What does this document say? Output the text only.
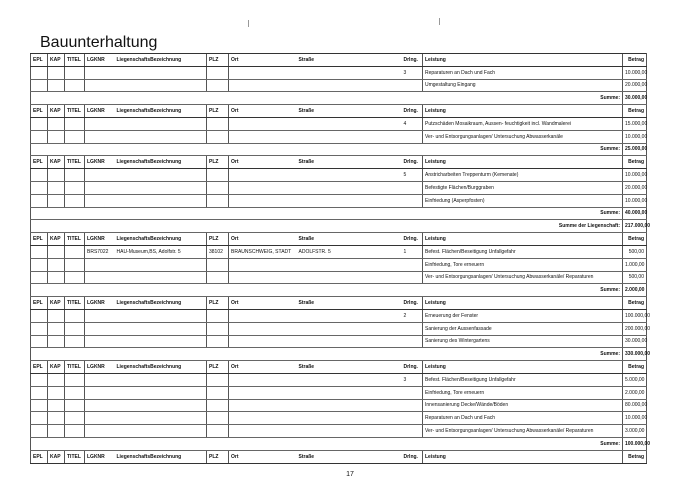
Bauunterhaltung
EPL	KAP	TITEL	LGKNR	LiegenschaftsBezeichnung	PLZ	Ort	Straße	Drlng.	Leistung	Betrag
								3	Reparaturen an Dach und Fach	10.000,00
									Umgestaltung Eingang	20.000,00
Summe:										30.000,00
EPL	KAP	TITEL	LGKNR	LiegenschaftsBezeichnung	PLZ	Ort	Straße	Drlng.	Leistung	Betrag
								4	Putzschäden Mosaikraum, Aussen- feuchtigkeit incl. Wandmalerei	15.000,00
									Ver- und Entsorgungsanlagen/ Untersuchung Abwasserkanäle	10.000,00
Summe:										25.000,00
EPL	KAP	TITEL	LGKNR	LiegenschaftsBezeichnung	PLZ	Ort	Straße	Drlng.	Leistung	Betrag
								5	Anstricharbeiten Treppenturm (Kemenate)	10.000,00
									Befestigte Flächen/Burggraben	20.000,00
									Einfriedung (Asperpfosten)	10.000,00
Summe:										40.000,00
Summe der Liegenschaft:										217.000,00
EPL	KAP	TITEL	LGKNR	LiegenschaftsBezeichnung	PLZ	Ort	Straße	Drlng.	Leistung	Betrag
			BRS7022	HAU-Museum,BS, Adolfstr. 5	38102	BRAUNSCHWEIG, STADT	ADOLFSTR. 5	1	Befest. Flächen/Beseitigung Unfallgefahr	500,00
									Einfriedung, Tore erneuern	1.000,00
									Ver- und Entsorgungsanlagen/ Untersuchung Abwasserkanäle/ Reparaturen	500,00
Summe:										2.000,00
EPL	KAP	TITEL	LGKNR	LiegenschaftsBezeichnung	PLZ	Ort	Straße	Drlng.	Leistung	Betrag
								2	Erneuerung der Fenster	100.000,00
									Sanierung der Aussenfassade	200.000,00
									Sanierung des Wintergartens	30.000,00
Summe:										330.000,00
EPL	KAP	TITEL	LGKNR	LiegenschaftsBezeichnung	PLZ	Ort	Straße	Drlng.	Leistung	Betrag
								3	Befest. Flächen/Beseitigung Unfallgefahr	5.000,00
									Einfriedung, Tore erneuern	2.000,00
									Innensanierung Decke/Wände/Böden	80.000,00
									Reparaturen an Dach und Fach	10.000,00
									Ver- und Entsorgungsanlagen/ Untersuchung Abwasserkanäle/ Reparaturen	3.000,00
Summe:										100.000,00
EPL	KAP	TITEL	LGKNR	LiegenschaftsBezeichnung	PLZ	Ort	Straße	Drlng.	Leistung	Betrag
17
